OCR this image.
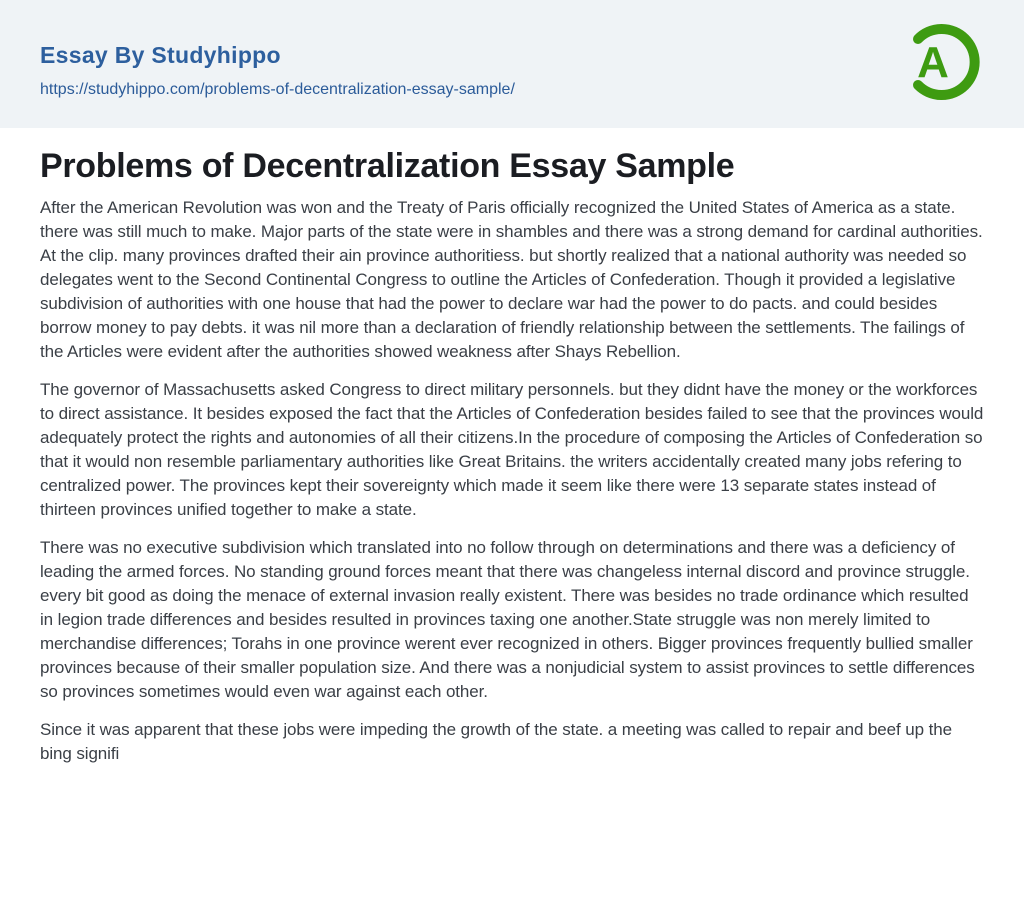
Essay By Studyhippo
https://studyhippo.com/problems-of-decentralization-essay-sample/
A
Problems of Decentralization Essay Sample

After the American Revolution was won and the Treaty of Paris officially recognized the United States of America as a state. there was still much to make. Major parts of the state were in shambles and there was a strong demand for cardinal authorities. At the clip. many provinces drafted their ain province authoritiess. but shortly realized that a national authority was needed so delegates went to the Second Continental Congress to outline the Articles of Confederation. Though it provided a legislative subdivision of authorities with one house that had the power to declare war had the power to do pacts. and could besides borrow money to pay debts. it was nil more than a declaration of friendly relationship between the settlements. The failings of the Articles were evident after the authorities showed weakness after Shays Rebellion.

The governor of Massachusetts asked Congress to direct military personnels. but they didnt have the money or the workforces to direct assistance. It besides exposed the fact that the Articles of Confederation besides failed to see that the provinces would adequately protect the rights and autonomies of all their citizens.In the procedure of composing the Articles of Confederation so that it would non resemble parliamentary authorities like Great Britains. the writers accidentally created many jobs refering to centralized power. The provinces kept their sovereignty which made it seem like there were 13 separate states instead of thirteen provinces unified together to make a state.

There was no executive subdivision which translated into no follow through on determinations and there was a deficiency of leading the armed forces. No standing ground forces meant that there was changeless internal discord and province struggle. every bit good as doing the menace of external invasion really existent. There was besides no trade ordinance which resulted in legion trade differences and besides resulted in provinces taxing one another.State struggle was non merely limited to merchandise differences; Torahs in one province werent ever recognized in others. Bigger provinces frequently bullied smaller provinces because of their smaller population size. And there was a nonjudicial system to assist provinces to settle differences so provinces sometimes would even war against each other.

Since it was apparent that these jobs were impeding the growth of the state. a meeting was called to repair and beef up the bing signifi
